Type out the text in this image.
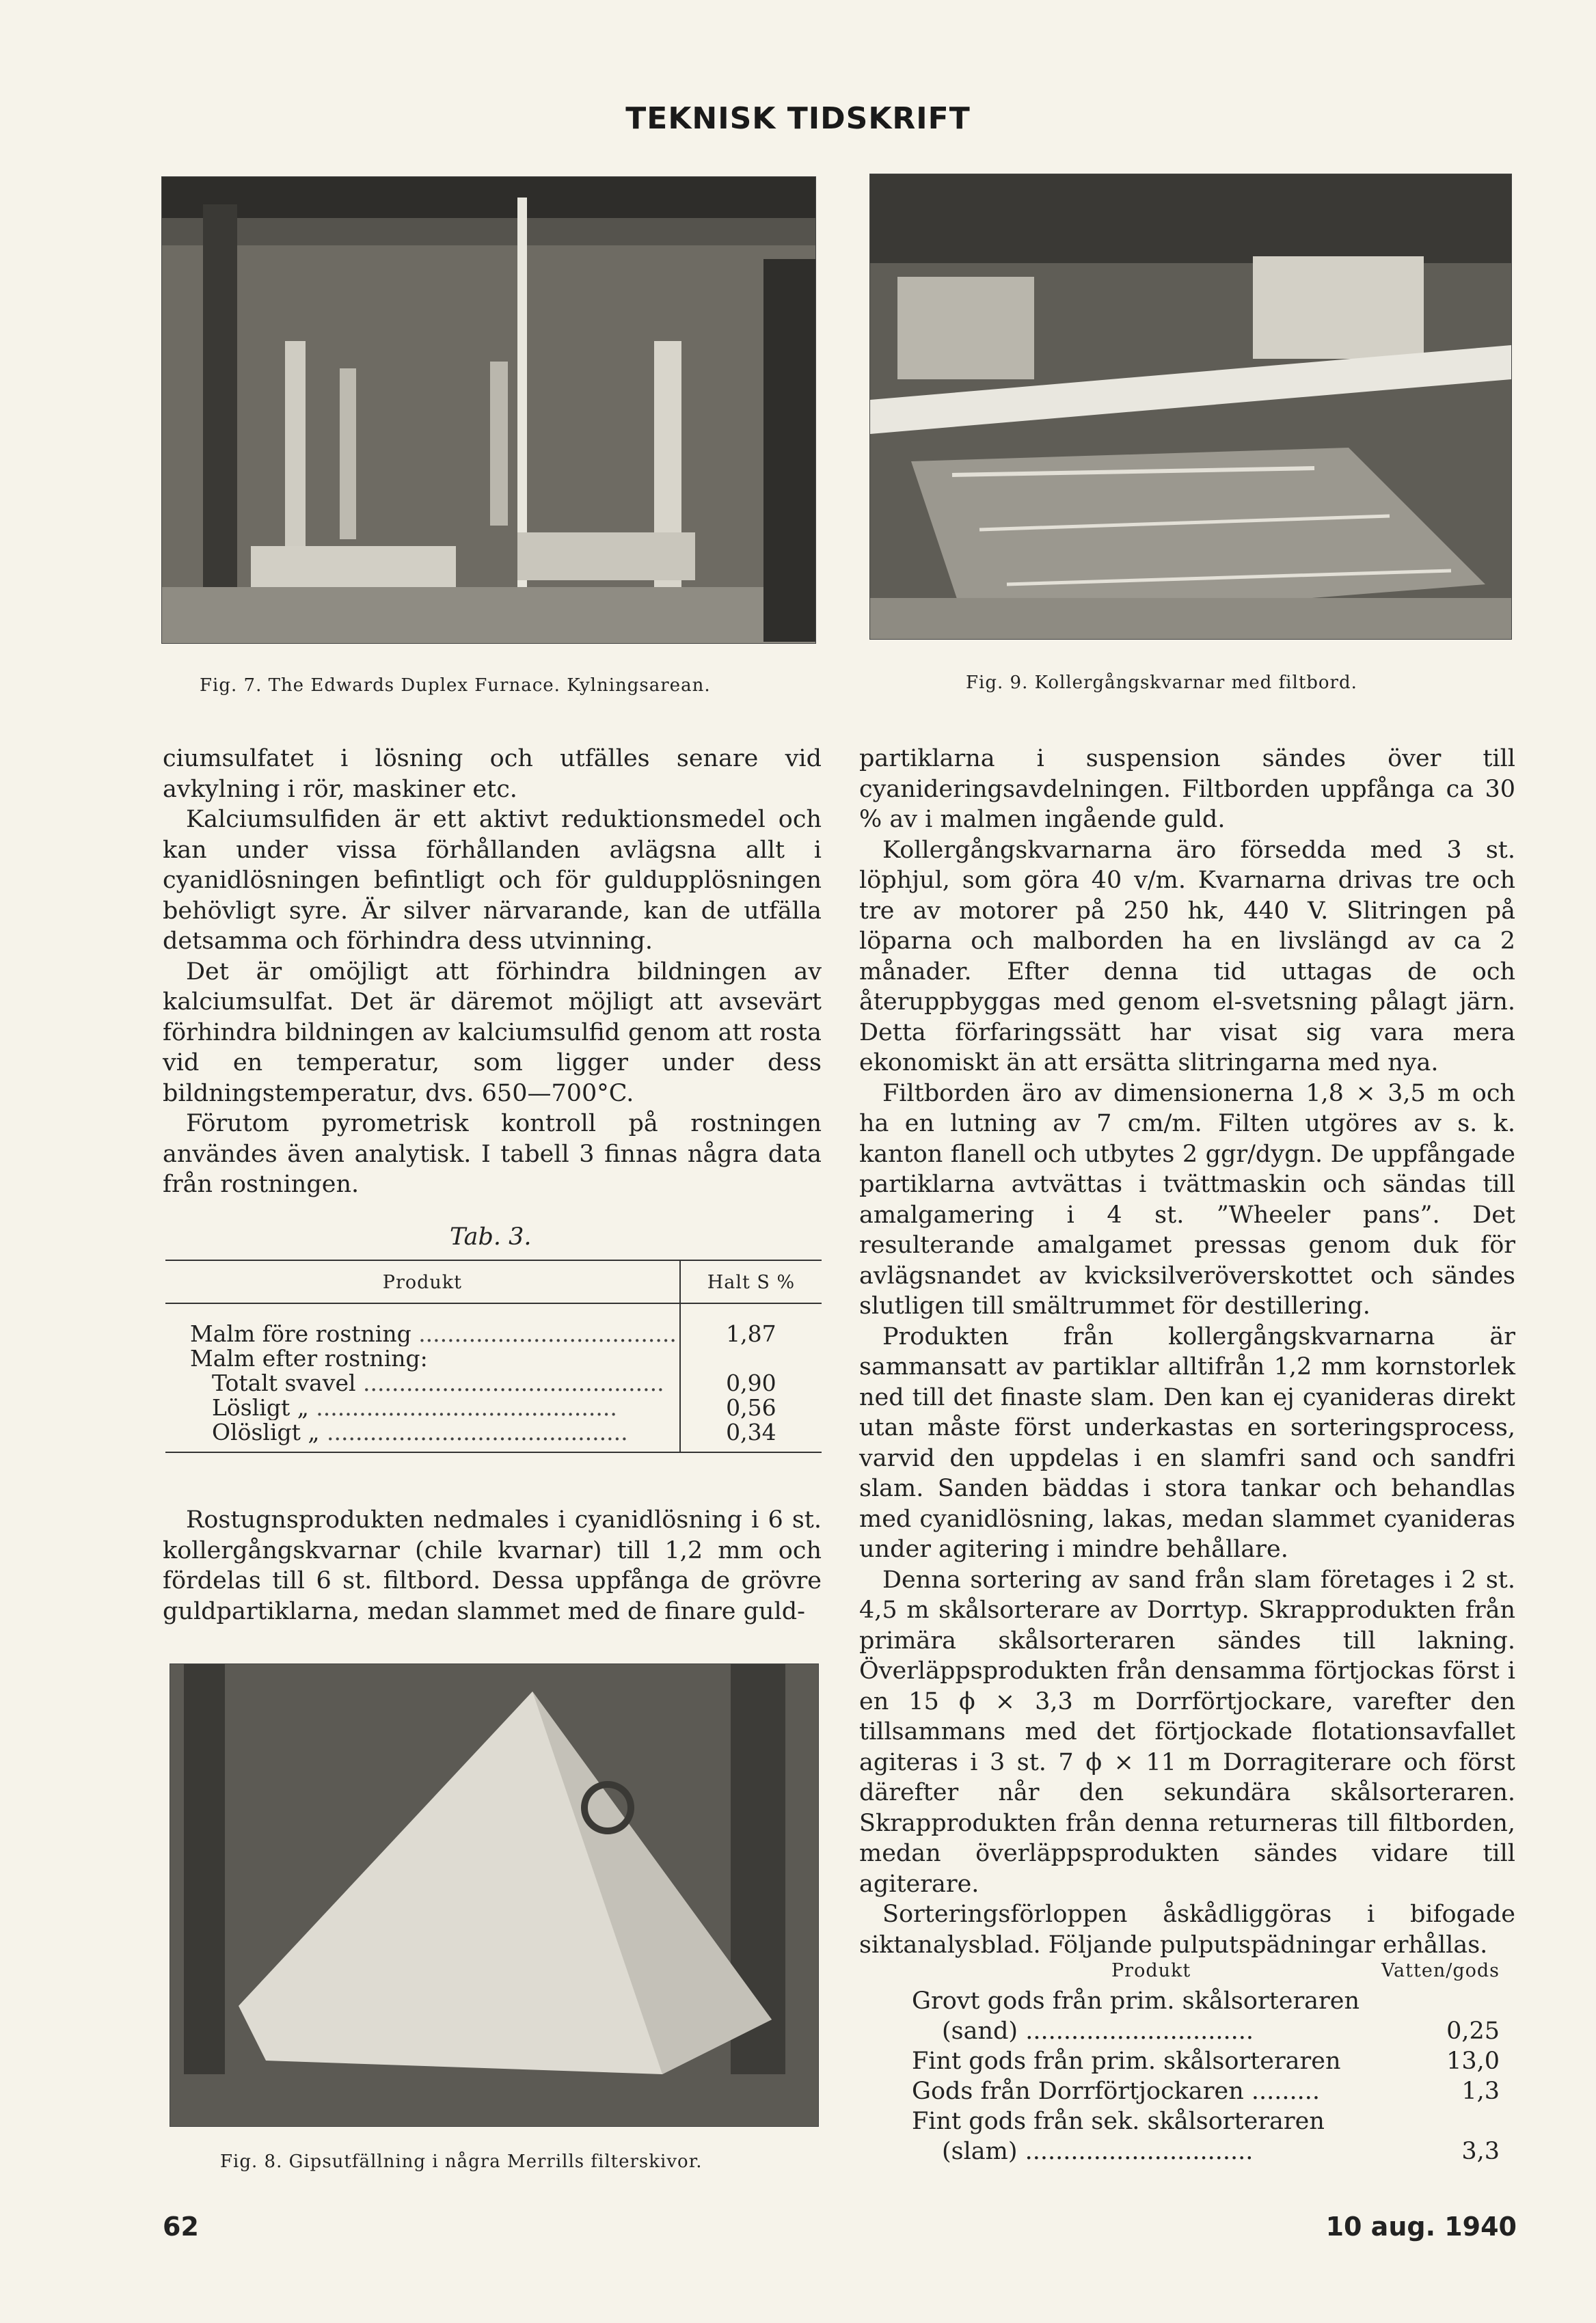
TEKNISK TIDSKRIFT
Fig. 7. The Edwards Duplex Furnace. Kylningsarean.	Fig. 9. Kollergångskvarnar med filtbord.

ciumsulfatet i lösning och utfälles senare vid avkylning i rör, maskiner etc.

Kalciumsulfiden är ett aktivt reduktionsmedel och kan under vissa förhållanden avlägsna allt i cyanidlösningen befintligt och för guldupplösningen behövligt syre. Är silver närvarande, kan de utfälla detsamma och förhindra dess utvinning.

Det är omöjligt att förhindra bildningen av kalciumsulfat. Det är däremot möjligt att avsevärt förhindra bildningen av kalciumsulfid genom att rosta vid en temperatur, som ligger under dess bildningstemperatur, dvs. 650—700°C.

Förutom pyrometrisk kontroll på rostningen användes även analytisk. I tabell 3 finnas några data från rostningen.

Tab. 3.
Produkt	Halt S %
Malm före rostning ....................................	1,87
Malm efter rostning:	
Totalt svavel ..........................................	0,90
Lösligt „ ..........................................	0,56
Olösligt „ ..........................................	0,34

Rostugnsprodukten nedmales i cyanidlösning i 6 st. kollergångskvarnar (chile kvarnar) till 1,2 mm och fördelas till 6 st. filtbord. Dessa uppfånga de grövre guldpartiklarna, medan slammet med de finare guld-

Fig. 8. Gipsutfällning i några Merrills filterskivor.

partiklarna i suspension sändes över till cyanideringsavdelningen. Filtborden uppfånga ca 30 % av i malmen ingående guld.

Kollergångskvarnarna äro försedda med 3 st. löphjul, som göra 40 v/m. Kvarnarna drivas tre och tre av motorer på 250 hk, 440 V. Slitringen på löparna och malborden ha en livslängd av ca 2 månader. Efter denna tid uttagas de och återuppbyggas med genom el-svetsning pålagt järn. Detta förfaringssätt har visat sig vara mera ekonomiskt än att ersätta slitringarna med nya.

Filtborden äro av dimensionerna 1,8 × 3,5 m och ha en lutning av 7 cm/m. Filten utgöres av s. k. kanton flanell och utbytes 2 ggr/dygn. De uppfångade partiklarna avtvättas i tvättmaskin och sändas till amalgamering i 4 st. ”Wheeler pans”. Det resulterande amalgamet pressas genom duk för avlägsnandet av kvicksilveröverskottet och sändes slutligen till smältrummet för destillering.

Produkten från kollergångskvarnarna är sammansatt av partiklar alltifrån 1,2 mm kornstorlek ned till det finaste slam. Den kan ej cyanideras direkt utan måste först underkastas en sorteringsprocess, varvid den uppdelas i en slamfri sand och sandfri slam. Sanden bäddas i stora tankar och behandlas med cyanidlösning, lakas, medan slammet cyanideras under agitering i mindre behållare.

Denna sortering av sand från slam företages i 2 st. 4,5 m skålsorterare av Dorrtyp. Skrapprodukten från primära skålsorteraren sändes till lakning. Överläppsprodukten från densamma förtjockas först i en 15 ϕ × 3,3 m Dorrförtjockare, varefter den tillsammans med det förtjockade flotationsavfallet agiteras i 3 st. 7 ϕ × 11 m Dorragiterare och först därefter når den sekundära skålsorteraren. Skrapprodukten från denna returneras till filtborden, medan överläppsprodukten sändes vidare till agiterare.

Sorteringsförloppen åskådliggöras i bifogade siktanalysblad. Följande pulputspädningar erhållas.

Produkt	Vatten/gods
Grovt gods från prim. skålsorteraren
(sand) ..............................	0,25
Fint gods från prim. skålsorteraren	13,0
Gods från Dorrförtjockaren .........	1,3
Fint gods från sek. skålsorteraren
(slam) ..............................	3,3
62	10 aug. 1940
